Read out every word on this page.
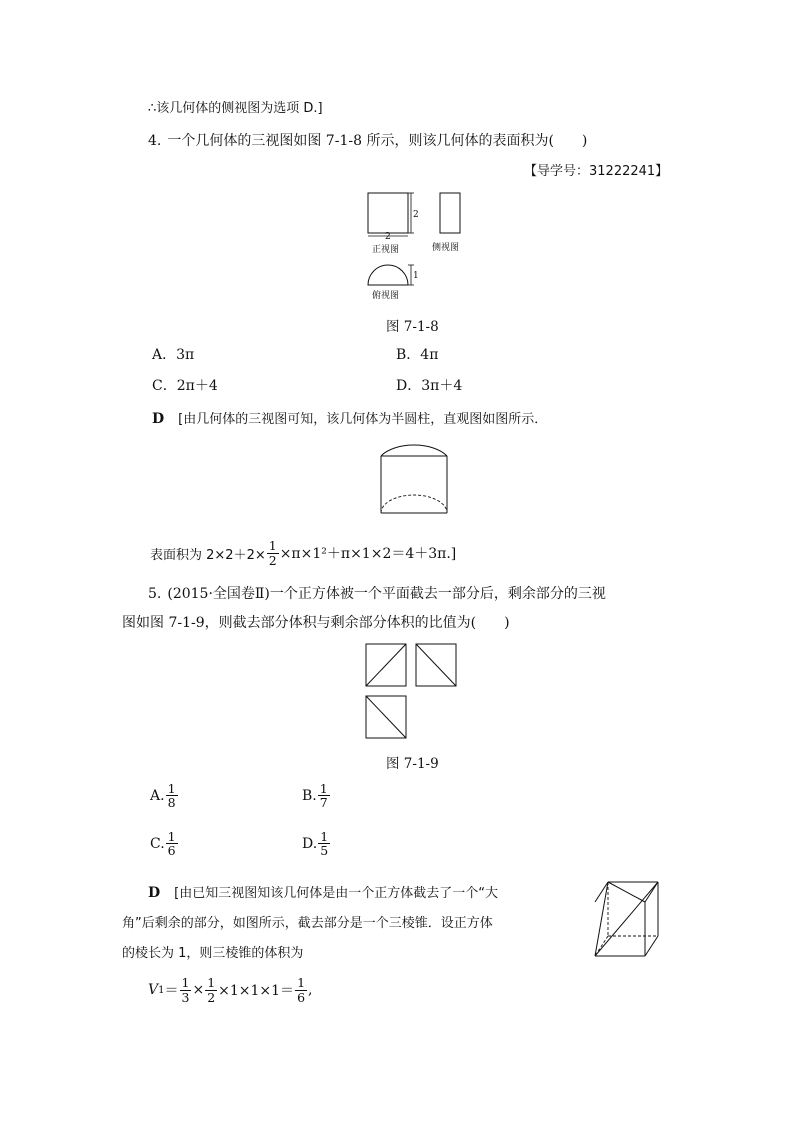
∴该几何体的侧视图为选项 D.]
4. 一个几何体的三视图如图 7-1-8 所示，则该几何体的表面积为(　　)
【导学号：31222241】
2
2
正视图	侧视图
1
俯视图
图 7-1-8
A．3π	B．4π
C．2π＋4	D．3π＋4
D [由几何体的三视图可知，该几何体为半圆柱，直观图如图所示．
表面积为 $2\times 2+2\times \frac{1}{2} \times\pi\times 1^2+\pi\times 1\times 2=4+3\pi$.]
5. (2015·全国卷Ⅱ)一个正方体被一个平面截去一部分后，剩余部分的三视
图如图 7-1-9，则截去部分体积与剩余部分体积的比值为(　　)
图 7-1-9
A. $\frac{1}{8}$	B. $\frac{1}{7}$
C. $\frac{1}{6}$	D. $\frac{1}{5}$
D [由已知三视图知该几何体是由一个正方体截去了一个“大
角”后剩余的部分，如图所示，截去部分是一个三棱锥．设正方体
的棱长为 1，则三棱锥的体积为
V $1 = \frac{1}{3} \times \frac{1}{2} \times 1\times 1\times 1= \frac{1}{6}$ ,
